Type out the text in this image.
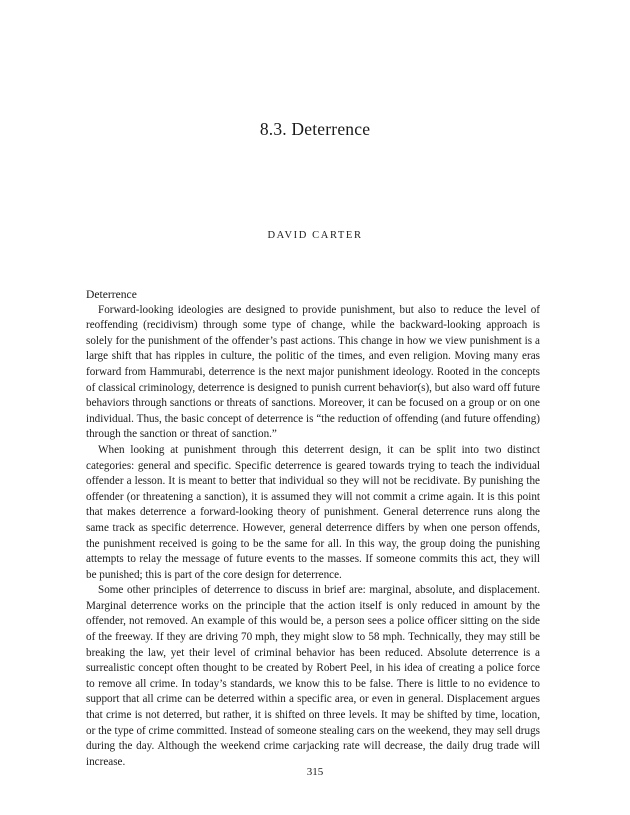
8.3. Deterrence

DAVID CARTER

Deterrence

Forward-looking ideologies are designed to provide punishment, but also to reduce the level of reoffending (recidivism) through some type of change, while the backward-looking approach is solely for the punishment of the offender’s past actions. This change in how we view punishment is a large shift that has ripples in culture, the politic of the times, and even religion. Moving many eras forward from Hammurabi, deterrence is the next major punishment ideology. Rooted in the concepts of classical criminology, deterrence is designed to punish current behavior(s), but also ward off future behaviors through sanctions or threats of sanctions. Moreover, it can be focused on a group or on one individual. Thus, the basic concept of deterrence is “the reduction of offending (and future offending) through the sanction or threat of sanction.”

When looking at punishment through this deterrent design, it can be split into two distinct categories: general and specific. Specific deterrence is geared towards trying to teach the individual offender a lesson. It is meant to better that individual so they will not be recidivate. By punishing the offender (or threatening a sanction), it is assumed they will not commit a crime again. It is this point that makes deterrence a forward-looking theory of punishment. General deterrence runs along the same track as specific deterrence. However, general deterrence differs by when one person offends, the punishment received is going to be the same for all. In this way, the group doing the punishing attempts to relay the message of future events to the masses. If someone commits this act, they will be punished; this is part of the core design for deterrence.

Some other principles of deterrence to discuss in brief are: marginal, absolute, and displacement. Marginal deterrence works on the principle that the action itself is only reduced in amount by the offender, not removed. An example of this would be, a person sees a police officer sitting on the side of the freeway. If they are driving 70 mph, they might slow to 58 mph. Technically, they may still be breaking the law, yet their level of criminal behavior has been reduced. Absolute deterrence is a surrealistic concept often thought to be created by Robert Peel, in his idea of creating a police force to remove all crime. In today’s standards, we know this to be false. There is little to no evidence to support that all crime can be deterred within a specific area, or even in general. Displacement argues that crime is not deterred, but rather, it is shifted on three levels. It may be shifted by time, location, or the type of crime committed. Instead of someone stealing cars on the weekend, they may sell drugs during the day. Although the weekend crime carjacking rate will decrease, the daily drug trade will increase.

315
